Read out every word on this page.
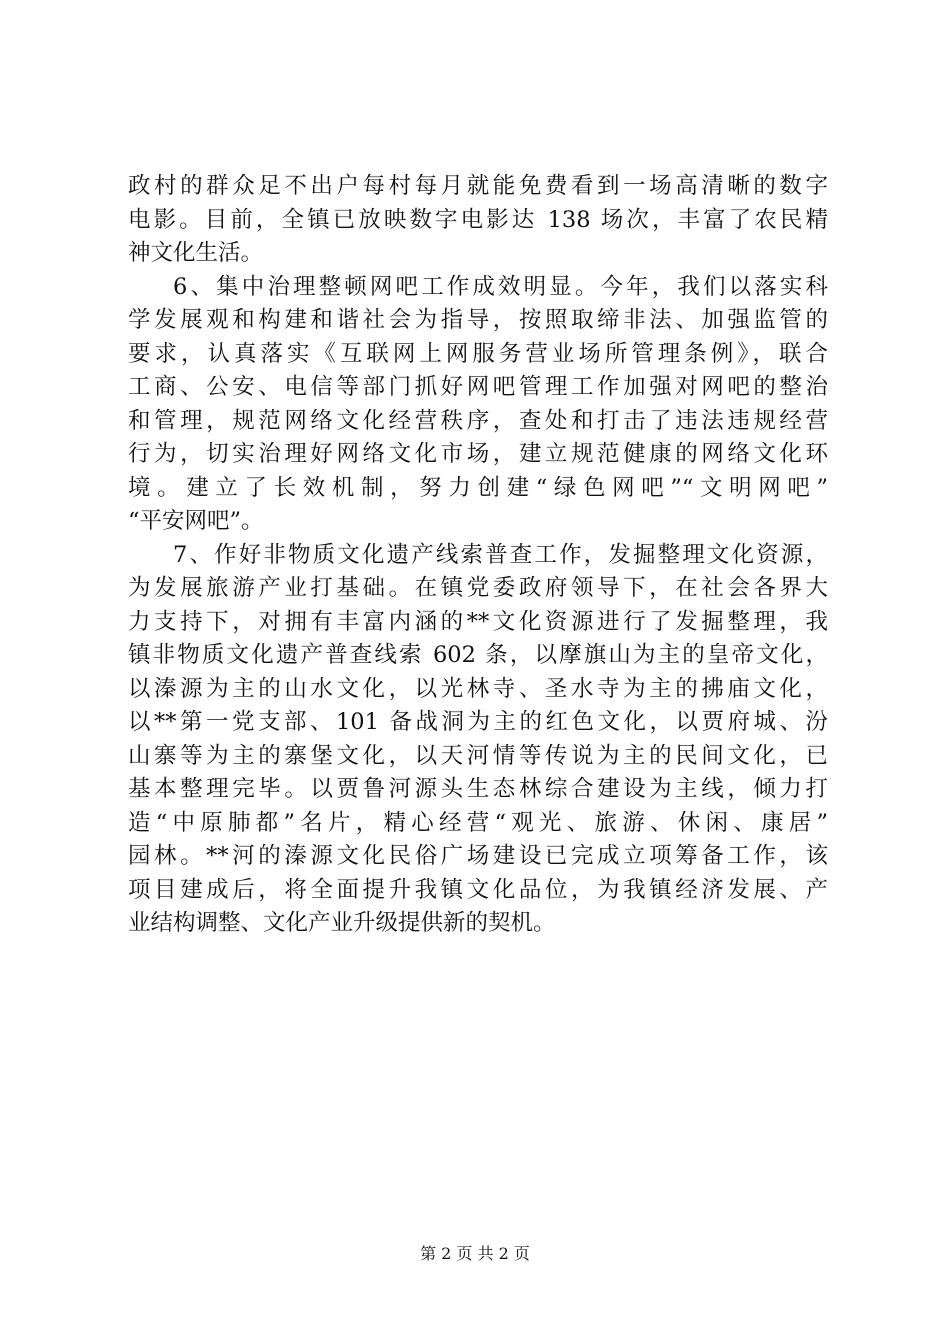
政村的群众足不出户每村每月就能免费看到一场高清晰的数字
电影。目前，全镇已放映数字电影达 138 场次，丰富了农民精
神文化生活。
6、集中治理整顿网吧工作成效明显。今年，我们以落实科
学发展观和构建和谐社会为指导，按照取缔非法、加强监管的
要求，认真落实《互联网上网服务营业场所管理条例》，联合
工商、公安、电信等部门抓好网吧管理工作加强对网吧的整治
和管理，规范网络文化经营秩序，查处和打击了违法违规经营
行为，切实治理好网络文化市场，建立规范健康的网络文化环
境。建立了长效机制，努力创建“绿色网吧”“文明网吧”
“平安网吧”。
7、作好非物质文化遗产线索普查工作，发掘整理文化资源，
为发展旅游产业打基础。在镇党委政府领导下，在社会各界大
力支持下，对拥有丰富内涵的**文化资源进行了发掘整理，我
镇非物质文化遗产普查线索 602 条，以摩旗山为主的皇帝文化，
以溱源为主的山水文化，以光林寺、圣水寺为主的拂庙文化，
以**第一党支部、101 备战洞为主的红色文化，以贾府城、汾
山寨等为主的寨堡文化，以天河情等传说为主的民间文化，已
基本整理完毕。以贾鲁河源头生态林综合建设为主线，倾力打
造“中原肺都”名片，精心经营“观光、旅游、休闲、康居”
园林。**河的溱源文化民俗广场建设已完成立项筹备工作，该
项目建成后，将全面提升我镇文化品位，为我镇经济发展、产
业结构调整、文化产业升级提供新的契机。
第 2 页 共 2 页
